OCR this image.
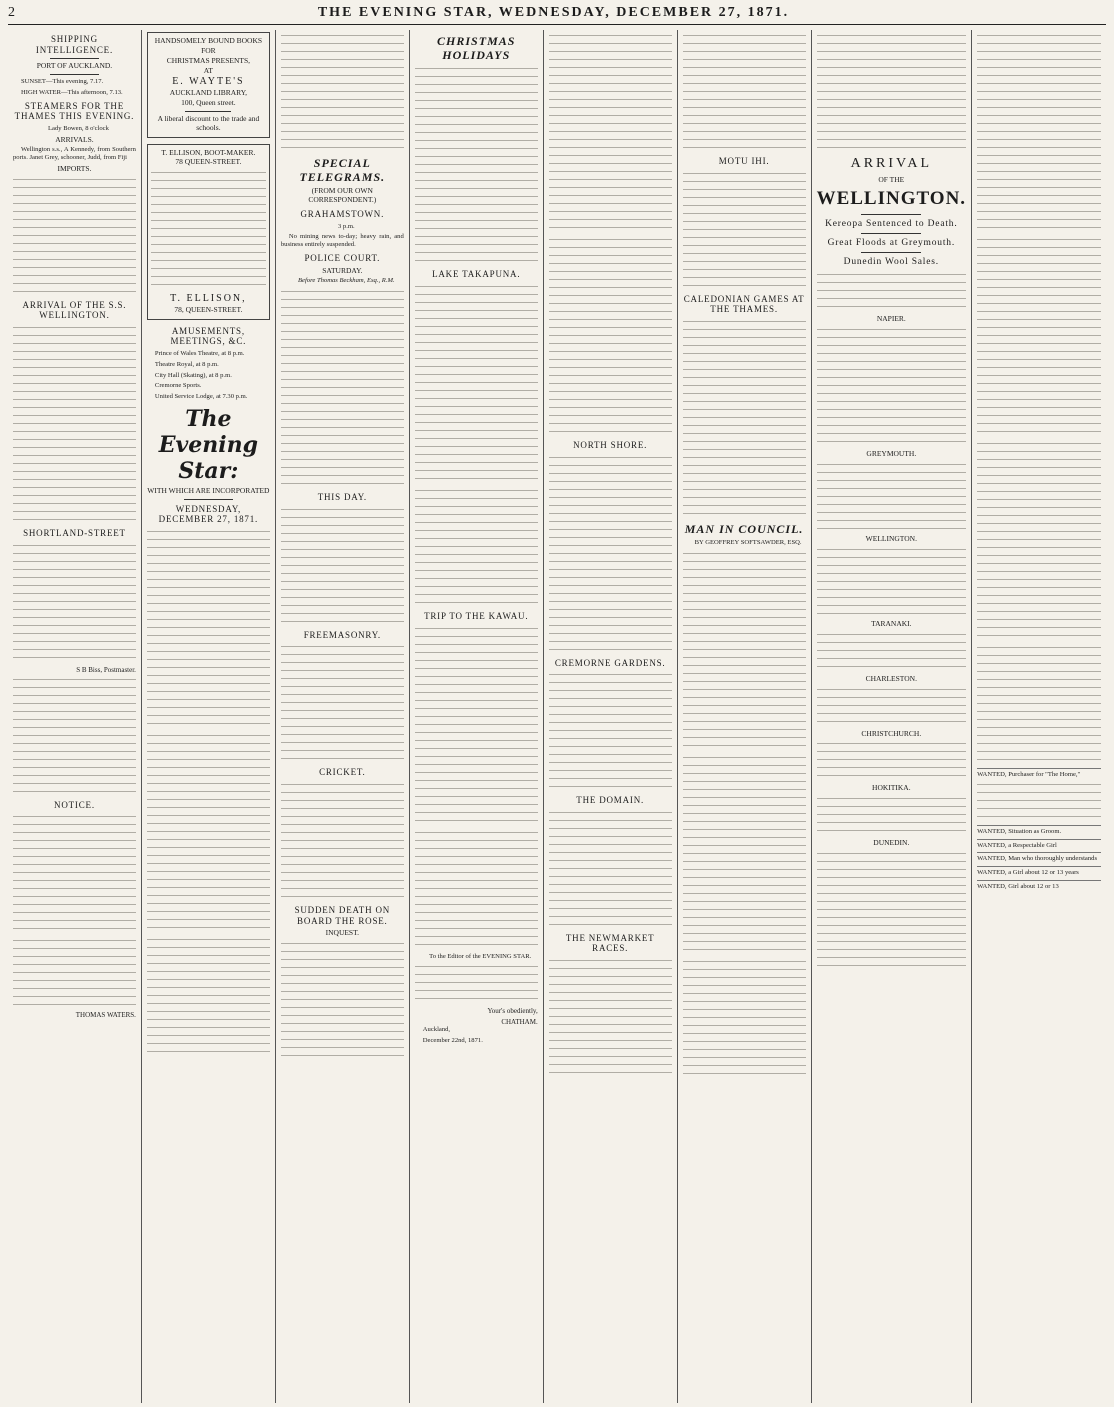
2	THE EVENING STAR, WEDNESDAY, DECEMBER 27, 1871.
SHIPPING INTELLIGENCE.
PORT OF AUCKLAND.

SUNSET—This evening, 7.17.

HIGH WATER—This afternoon, 7.13.

STEAMERS FOR THE THAMES THIS EVENING.

Lady Bowen, 8 o'clock

ARRIVALS.

Wellington s.s., A Kennedy, from Southern ports. Janet Grey, schooner, Judd, from Fiji

IMPORTS.
ARRIVAL OF THE S.S. WELLINGTON.
SHORTLAND-STREET
S B Biss, Postmaster.
NOTICE.
THOMAS WATERS.
HANDSOMELY BOUND BOOKS
FOR
CHRISTMAS PRESENTS,
AT
E. WAYTE'S
AUCKLAND LIBRARY,
100, Queen street.
A liberal discount to the trade and schools.
T. ELLISON, BOOT-MAKER.
78 QUEEN-STREET.
T. ELLISON,
78, QUEEN-STREET.
AMUSEMENTS, MEETINGS, &C.

Prince of Wales Theatre, at 8 p.m.

Theatre Royal, at 8 p.m.

City Hall (Skating), at 8 p.m.

Cremorne Sports.

United Service Lodge, at 7.30 p.m.

The Evening Star:
WITH WHICH ARE INCORPORATED
WEDNESDAY, DECEMBER 27, 1871.
SPECIAL TELEGRAMS.
(FROM OUR OWN CORRESPONDENT.)
GRAHAMSTOWN.

3 p.m.

No mining news to-day; heavy rain, and business entirely suspended.

POLICE COURT.
SATURDAY.

Before Thomas Beckham, Esq., R.M.

THIS DAY.
FREEMASONRY.
CRICKET.
SUDDEN DEATH ON BOARD THE ROSE.
INQUEST.
CHRISTMAS HOLIDAYS
LAKE TAKAPUNA.
TRIP TO THE KAWAU.

To the Editor of the EVENING STAR.

Your's obediently,
CHATHAM.

Auckland,

December 22nd, 1871.

NORTH SHORE.
CREMORNE GARDENS.
THE DOMAIN.
THE NEWMARKET RACES.
MOTU IHI.
CALEDONIAN GAMES AT THE THAMES.
MAN IN COUNCIL.

BY GEOFFREY SOFTSAWDER, ESQ.

ARRIVAL
OF THE
WELLINGTON.
Kereopa Sentenced to Death.
Great Floods at Greymouth.
Dunedin Wool Sales.
NAPIER.
GREYMOUTH.
WELLINGTON.
TARANAKI.
CHARLESTON.
CHRISTCHURCH.
HOKITIKA.
DUNEDIN.
WANTED, Purchaser for "The Home,"
WANTED, Situation as Groom.
WANTED, a Respectable Girl
WANTED, Man who thoroughly understands
WANTED, a Girl about 12 or 13 years
WANTED, Girl about 12 or 13
